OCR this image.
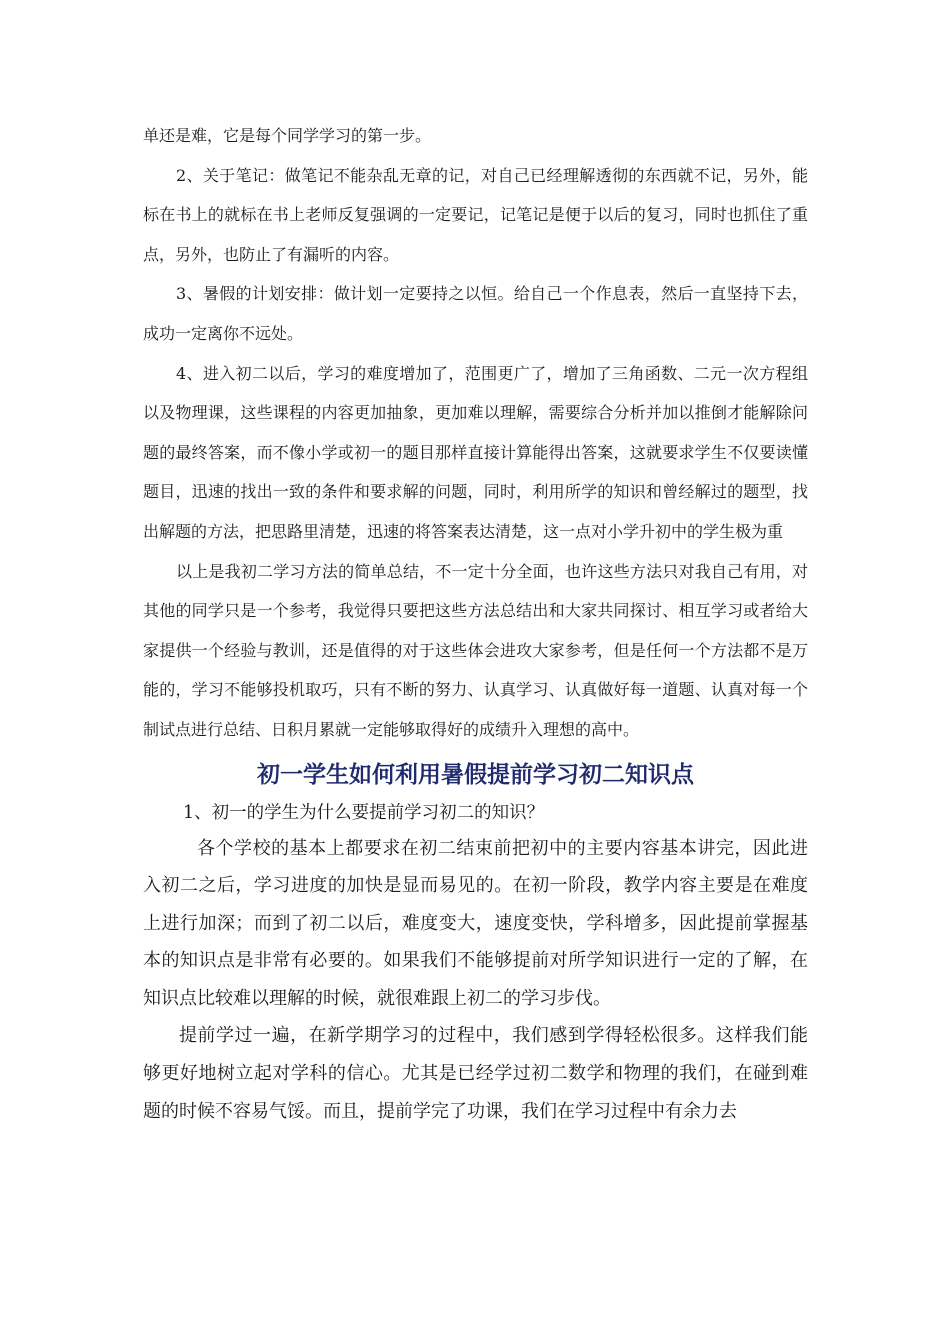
单还是难，它是每个同学学习的第一步。

2、关于笔记：做笔记不能杂乱无章的记，对自己已经理解透彻的东西就不记，另外，能标在书上的就标在书上老师反复强调的一定要记，记笔记是便于以后的复习，同时也抓住了重点，另外，也防止了有漏听的内容。

3、暑假的计划安排：做计划一定要持之以恒。给自己一个作息表，然后一直坚持下去，成功一定离你不远处。

4、进入初二以后，学习的难度增加了，范围更广了，增加了三角函数、二元一次方程组以及物理课，这些课程的内容更加抽象，更加难以理解，需要综合分析并加以推倒才能解除问题的最终答案，而不像小学或初一的题目那样直接计算能得出答案，这就要求学生不仅要读懂题目，迅速的找出一致的条件和要求解的问题，同时，利用所学的知识和曾经解过的题型，找出解题的方法，把思路里清楚，迅速的将答案表达清楚，这一点对小学升初中的学生极为重

以上是我初二学习方法的简单总结，不一定十分全面，也许这些方法只对我自己有用，对其他的同学只是一个参考，我觉得只要把这些方法总结出和大家共同探讨、相互学习或者给大家提供一个经验与教训，还是值得的对于这些体会进攻大家参考，但是任何一个方法都不是万能的，学习不能够投机取巧，只有不断的努力、认真学习、认真做好每一道题、认真对每一个制试点进行总结、日积月累就一定能够取得好的成绩升入理想的高中。

初一学生如何利用暑假提前学习初二知识点

1、初一的学生为什么要提前学习初二的知识？

各个学校的基本上都要求在初二结束前把初中的主要内容基本讲完，因此进入初二之后，学习进度的加快是显而易见的。在初一阶段，教学内容主要是在难度上进行加深；而到了初二以后，难度变大，速度变快，学科增多，因此提前掌握基本的知识点是非常有必要的。如果我们不能够提前对所学知识进行一定的了解，在知识点比较难以理解的时候，就很难跟上初二的学习步伐。

提前学过一遍，在新学期学习的过程中，我们感到学得轻松很多。这样我们能够更好地树立起对学科的信心。尤其是已经学过初二数学和物理的我们，在碰到难题的时候不容易气馁。而且，提前学完了功课，我们在学习过程中有余力去
